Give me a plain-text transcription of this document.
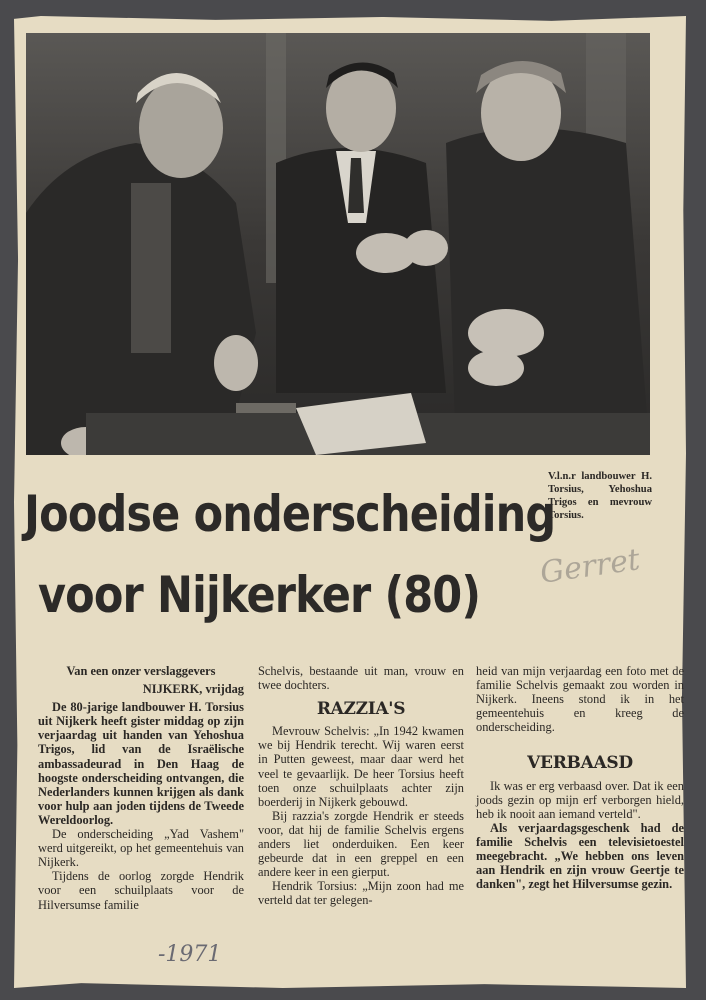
V.l.n.r landbouwer H. Torsius, Yehoshua Trigos en mevrouw Torsius.
Joodse onderscheiding
voor Nijkerker (80)	Gerret

Van een onzer verslaggevers

NIJKERK, vrijdag

De 80-jarige landbouwer H. Torsius uit Nijkerk heeft gister middag op zijn verjaardag uit handen van Yehoshua Trigos, lid van de Israëlische ambassadeurad in Den Haag de hoogste onderscheiding ontvangen, die Nederlanders kunnen krijgen als dank voor hulp aan joden tijdens de Tweede Wereldoorlog.

De onderscheiding „Yad Vashem" werd uitgereikt, op het gemeentehuis van Nijkerk.

Tijdens de oorlog zorgde Hendrik voor een schuilplaats voor de Hilversumse familie

Schelvis, bestaande uit man, vrouw en twee dochters.

RAZZIA'S

Mevrouw Schelvis: „In 1942 kwamen we bij Hendrik terecht. Wij waren eerst in Putten geweest, maar daar werd het veel te gevaarlijk. De heer Torsius heeft toen onze schuilplaats achter zijn boerderij in Nijkerk gebouwd.

Bij razzia's zorgde Hendrik er steeds voor, dat hij de familie Schelvis ergens anders liet onderduiken. Een keer gebeurde dat in een greppel en een andere keer in een gierput.

Hendrik Torsius: „Mijn zoon had me verteld dat ter gelegen-

heid van mijn verjaardag een foto met de familie Schelvis gemaakt zou worden in Nijkerk. Ineens stond ik in het gemeentehuis en kreeg de onderscheiding.

VERBAASD

Ik was er erg verbaasd over. Dat ik een joods gezin op mijn erf verborgen hield, heb ik nooit aan iemand verteld".

Als verjaardagsgeschenk had de familie Schelvis een televisietoestel meegebracht. „We hebben ons leven aan Hendrik en zijn vrouw Geertje te danken", zegt het Hilversumse gezin.

-1971
